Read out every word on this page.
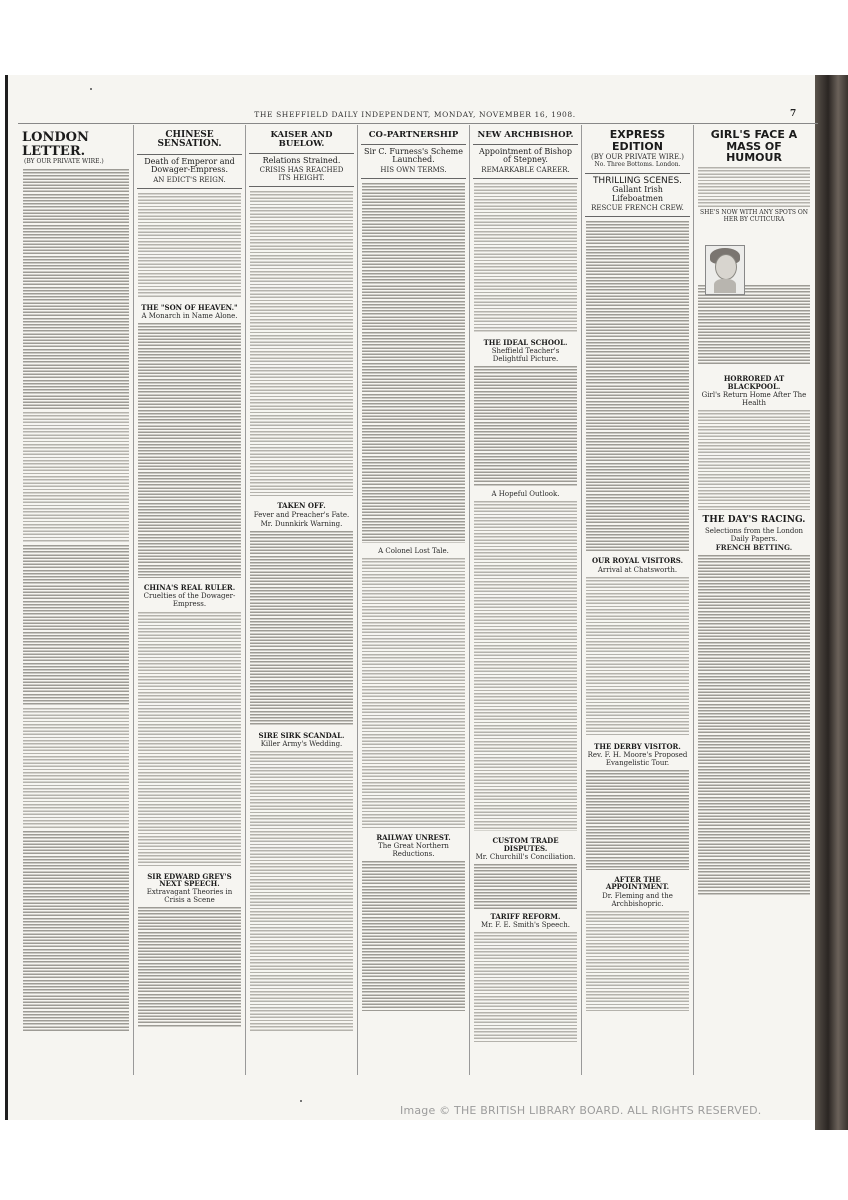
THE SHEFFIELD DAILY INDEPENDENT, MONDAY, NOVEMBER 16, 1908.	7
LONDON LETTER.
(BY OUR PRIVATE WIRE.)
CHINESE SENSATION.
Death of Emperor and Dowager-Empress.
AN EDICT'S REIGN.
THE "SON OF HEAVEN."
A Monarch in Name Alone.
CHINA'S REAL RULER.
Cruelties of the Dowager-Empress.
SIR EDWARD GREY'S NEXT SPEECH.
Extravagant Theories in Crisis a Scene
KAISER AND BUELOW.
Relations Strained.
CRISIS HAS REACHED ITS HEIGHT.
TAKEN OFF.
Fever and Preacher's Fate.
Mr. Dunnkirk Warning.
SIRE SIRK SCANDAL.
Killer Army's Wedding.
CO-PARTNERSHIP
Sir C. Furness's Scheme Launched.
HIS OWN TERMS.
A Colonel Lost Tale.
RAILWAY UNREST.
The Great Northern Reductions.
NEW ARCHBISHOP.
Appointment of Bishop of Stepney.
REMARKABLE CAREER.
THE IDEAL SCHOOL.
Sheffield Teacher's Delightful Picture.
A Hopeful Outlook.
CUSTOM TRADE DISPUTES.
Mr. Churchill's Conciliation.
TARIFF REFORM.
Mr. F. E. Smith's Speech.
EXPRESS EDITION
(BY OUR PRIVATE WIRE.)
No. Three Bottoms. London.
THRILLING SCENES.
Gallant Irish Lifeboatmen
RESCUE FRENCH CREW.
OUR ROYAL VISITORS.
Arrival at Chatsworth.
THE DERBY VISITOR.
Rev. F. H. Moore's Proposed Evangelistic Tour.
AFTER THE APPOINTMENT.
Dr. Fleming and the Archbishopric.
GIRL'S FACE A MASS OF HUMOUR
SHE'S NOW WITH ANY SPOTS ON HER BY CUTICURA
HORRORED AT BLACKPOOL.
Girl's Return Home After The Health
THE DAY'S RACING.
Selections from the London Daily Papers.
FRENCH BETTING.
Image © THE BRITISH LIBRARY BOARD. ALL RIGHTS RESERVED.
